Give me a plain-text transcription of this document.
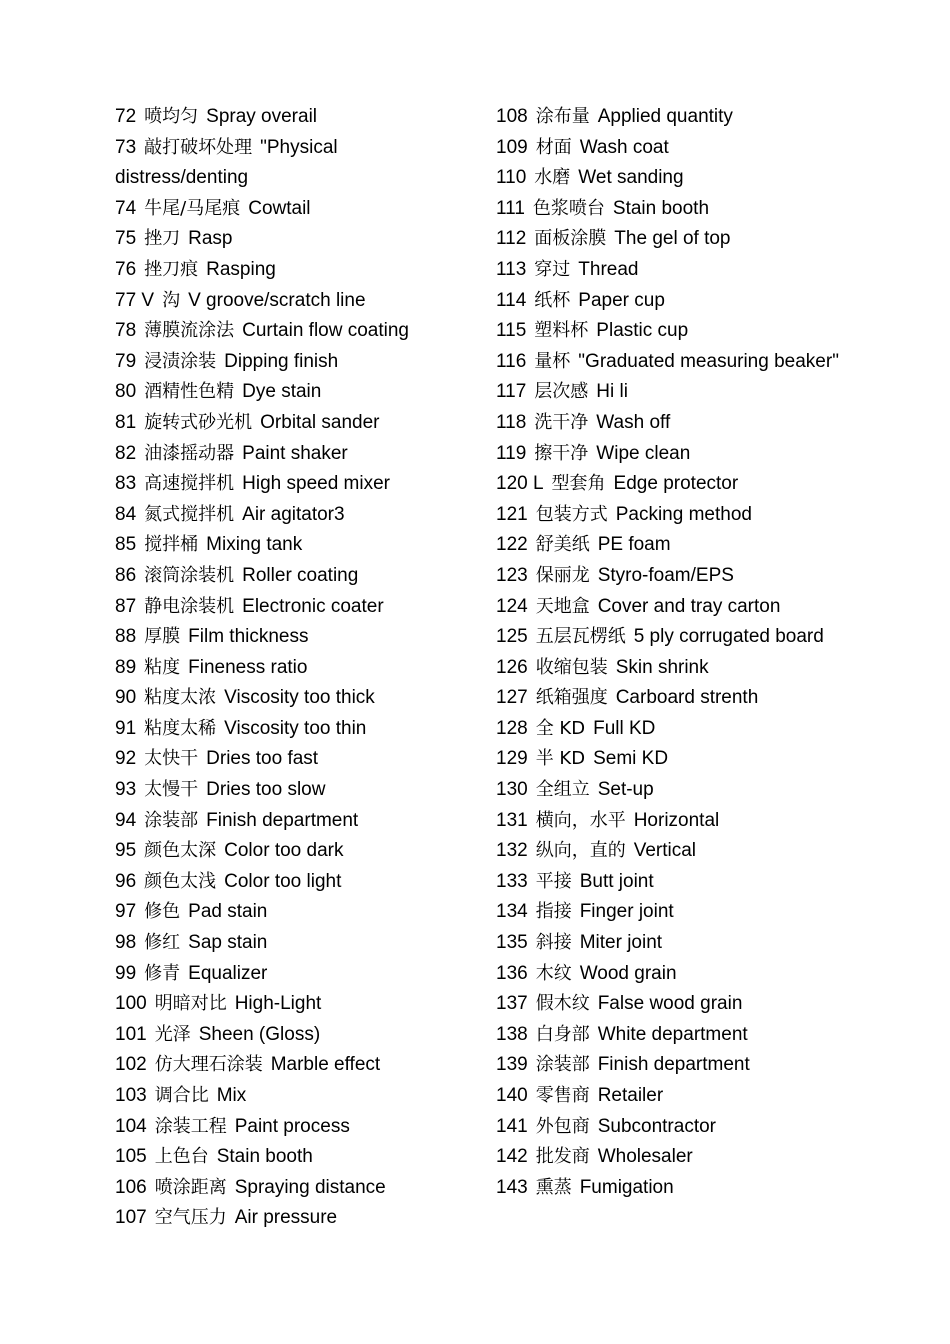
72 喷均匀 Spray overail
73 敲打破坏处理 "Physical
distress/denting
74 牛尾/马尾痕 Cowtail
75 挫刀 Rasp
76 挫刀痕 Rasping
77 V 沟 V groove/scratch line
78 薄膜流涂法 Curtain flow coating
79 浸渍涂装 Dipping finish
80 酒精性色精 Dye stain
81 旋转式砂光机 Orbital sander
82 油漆摇动器 Paint shaker
83 高速搅拌机 High speed mixer
84 氮式搅拌机 Air agitator3
85 搅拌桶 Mixing tank
86 滚筒涂装机 Roller coating
87 静电涂装机 Electronic coater
88 厚膜 Film thickness
89 粘度 Fineness ratio
90 粘度太浓 Viscosity too thick
91 粘度太稀 Viscosity too thin
92 太快干 Dries too fast
93 太慢干 Dries too slow
94 涂装部 Finish department
95 颜色太深 Color too dark
96 颜色太浅 Color too light
97 修色 Pad stain
98 修红 Sap stain
99 修青 Equalizer
100 明暗对比 High-Light
101 光泽 Sheen (Gloss)
102 仿大理石涂装 Marble effect
103 调合比 Mix
104 涂装工程 Paint process
105 上色台 Stain booth
106 喷涂距离 Spraying distance
107 空气压力 Air pressure
108 涂布量 Applied quantity
109 材面 Wash coat
110 水磨 Wet sanding
111 色浆喷台 Stain booth
112 面板涂膜 The gel of top
113 穿过 Thread
114 纸杯 Paper cup
115 塑料杯 Plastic cup
116 量杯 "Graduated measuring beaker"
117 层次感 Hi li
118 洗干净 Wash off
119 擦干净 Wipe clean
120 L 型套角 Edge protector
121 包装方式 Packing method
122 舒美纸 PE foam
123 保丽龙 Styro-foam/EPS
124 天地盒 Cover and tray carton
125 五层瓦楞纸 5 ply corrugated board
126 收缩包装 Skin shrink
127 纸箱强度 Carboard strenth
128 全 KD Full KD
129 半 KD Semi KD
130 全组立 Set-up
131 横向，水平 Horizontal
132 纵向，直的 Vertical
133 平接 Butt joint
134 指接 Finger joint
135 斜接 Miter joint
136 木纹 Wood grain
137 假木纹 False wood grain
138 白身部 White department
139 涂装部 Finish department
140 零售商 Retailer
141 外包商 Subcontractor
142 批发商 Wholesaler
143 熏蒸 Fumigation
